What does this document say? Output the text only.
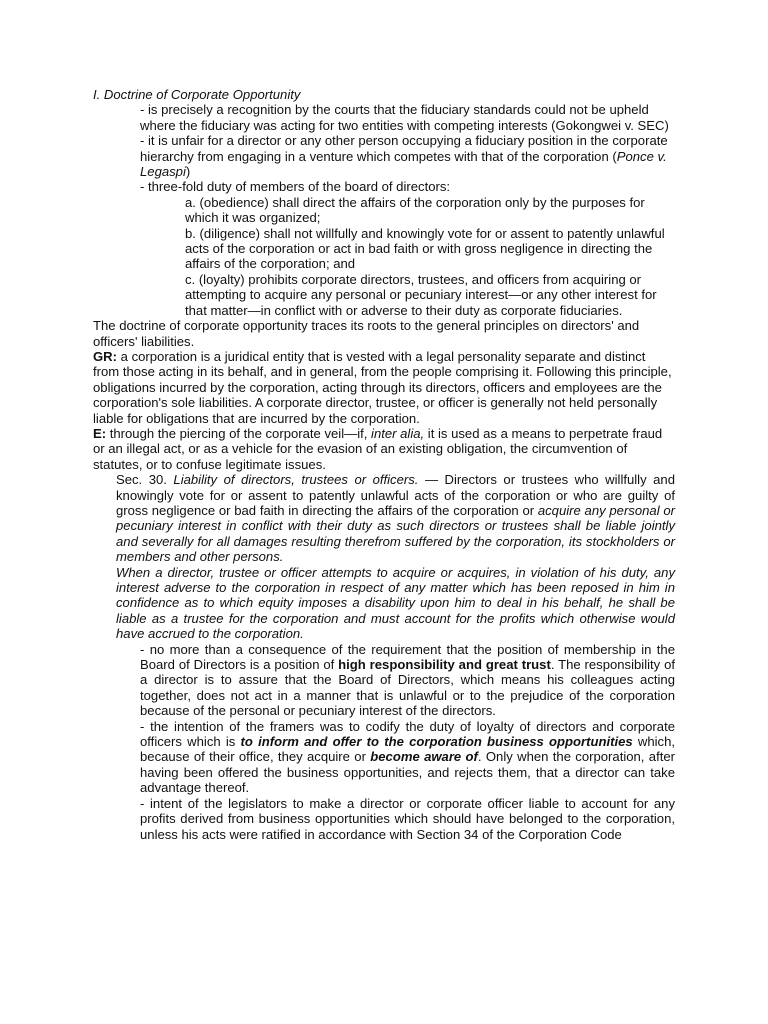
I. Doctrine of Corporate Opportunity

- is precisely a recognition by the courts that the fiduciary standards could not be upheld where the fiduciary was acting for two entities with competing interests (Gokongwei v. SEC)

- it is unfair for a director or any other person occupying a fiduciary position in the corporate hierarchy from engaging in a venture which competes with that of the corporation (Ponce v. Legaspi)

- three-fold duty of members of the board of directors:

a. (obedience) shall direct the affairs of the corporation only by the purposes for which it was organized;

b. (diligence) shall not willfully and knowingly vote for or assent to patently unlawful acts of the corporation or act in bad faith or with gross negligence in directing the affairs of the corporation; and

c. (loyalty) prohibits corporate directors, trustees, and officers from acquiring or attempting to acquire any personal or pecuniary interest—or any other interest for that matter—in conflict with or adverse to their duty as corporate fiduciaries.

The doctrine of corporate opportunity traces its roots to the general principles on directors' and officers' liabilities.

GR: a corporation is a juridical entity that is vested with a legal personality separate and distinct from those acting in its behalf, and in general, from the people comprising it. Following this principle, obligations incurred by the corporation, acting through its directors, officers and employees are the corporation's sole liabilities. A corporate director, trustee, or officer is generally not held personally liable for obligations that are incurred by the corporation.

E: through the piercing of the corporate veil—if, inter alia, it is used as a means to perpetrate fraud or an illegal act, or as a vehicle for the evasion of an existing obligation, the circumvention of statutes, or to confuse legitimate issues.

Sec. 30. Liability of directors, trustees or officers. — Directors or trustees who willfully and knowingly vote for or assent to patently unlawful acts of the corporation or who are guilty of gross negligence or bad faith in directing the affairs of the corporation or acquire any personal or pecuniary interest in conflict with their duty as such directors or trustees shall be liable jointly and severally for all damages resulting therefrom suffered by the corporation, its stockholders or members and other persons.

When a director, trustee or officer attempts to acquire or acquires, in violation of his duty, any interest adverse to the corporation in respect of any matter which has been reposed in him in confidence as to which equity imposes a disability upon him to deal in his behalf, he shall be liable as a trustee for the corporation and must account for the profits which otherwise would have accrued to the corporation.

- no more than a consequence of the requirement that the position of membership in the Board of Directors is a position of high responsibility and great trust. The responsibility of a director is to assure that the Board of Directors, which means his colleagues acting together, does not act in a manner that is unlawful or to the prejudice of the corporation because of the personal or pecuniary interest of the directors.

- the intention of the framers was to codify the duty of loyalty of directors and corporate officers which is to inform and offer to the corporation business opportunities which, because of their office, they acquire or become aware of. Only when the corporation, after having been offered the business opportunities, and rejects them, that a director can take advantage thereof.

- intent of the legislators to make a director or corporate officer liable to account for any profits derived from business opportunities which should have belonged to the corporation, unless his acts were ratified in accordance with Section 34 of the Corporation Code
